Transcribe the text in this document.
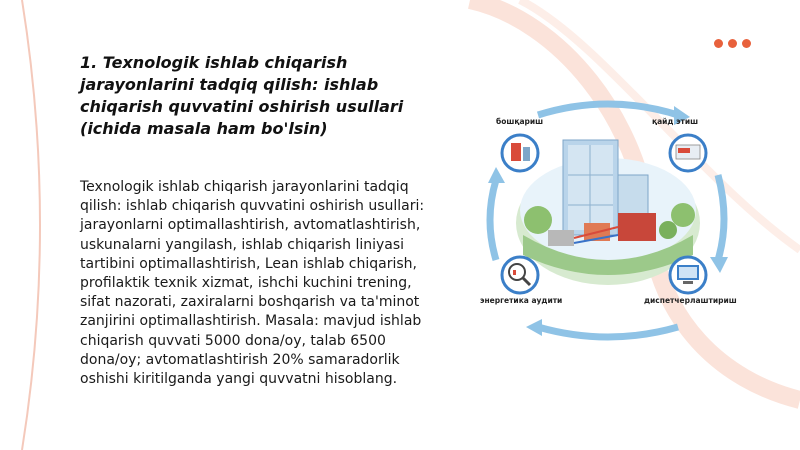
1. Texnologik ishlab chiqarish jarayonlarini tadqiq qilish: ishlab chiqarish quvvatini oshirish usullari (ichida masala ham bo'lsin)

Texnologik ishlab chiqarish jarayonlarini tadqiq qilish: ishlab chiqarish quvvatini oshirish usullari: jarayonlarni optimallashtirish, avtomatlashtirish, uskunalarni yangilash, ishlab chiqarish liniyasi tartibini optimallashtirish, Lean ishlab chiqarish, profilaktik texnik xizmat, ishchi kuchini trening, sifat nazorati, zaxiralarni boshqarish va ta'minot zanjirini optimallashtirish. Masala: mavjud ishlab chiqarish quvvati 5000 dona/oy, talab 6500 dona/oy; avtomatlashtirish 20% samaradorlik oshishi kiritilganda yangi quvvatni hisoblang.

бошқариш	қайд этиш
энергетика аудити	диспетчерлаштириш
